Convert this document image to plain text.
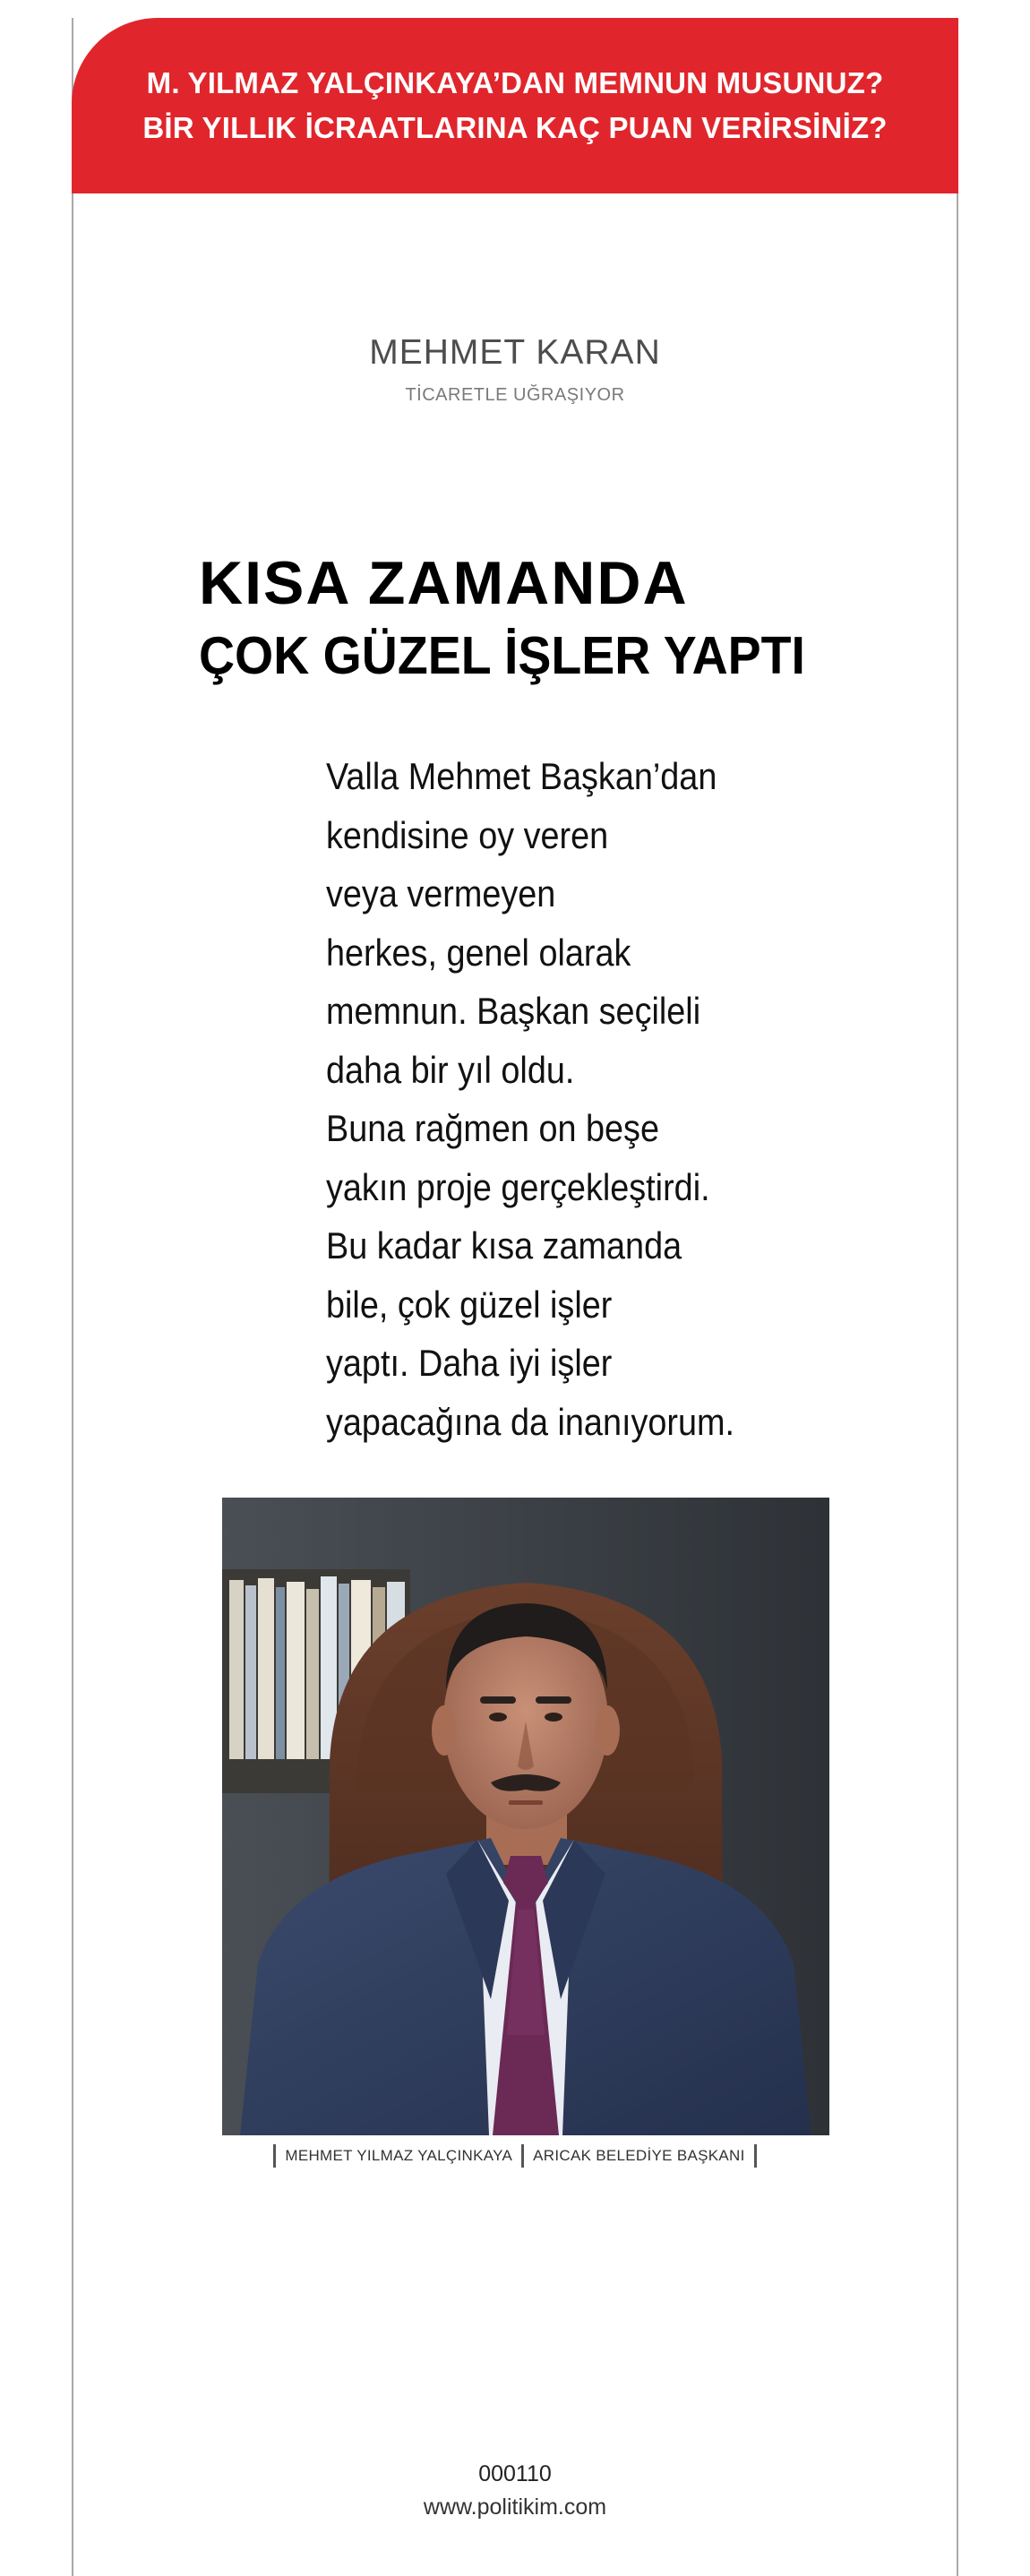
M. YILMAZ YALÇINKAYA’DAN MEMNUN MUSUNUZ?
BİR YILLIK İCRAATLARINA KAÇ PUAN VERİRSİNİZ?
MEHMET KARAN
TİCARETLE UĞRAŞIYOR
KISA ZAMANDA
ÇOK GÜZEL İŞLER YAPTI
Valla Mehmet Başkan’dan
kendisine oy veren
veya vermeyen
herkes, genel olarak
memnun. Başkan seçileli
daha bir yıl oldu.
Buna rağmen on beşe
yakın proje gerçekleştirdi.
Bu kadar kısa zamanda
bile, çok güzel işler
yaptı. Daha iyi işler
yapacağına da inanıyorum.
MEHMET YILMAZ YALÇINKAYA ARICAK BELEDİYE BAŞKANI
000110
www.politikim.com
